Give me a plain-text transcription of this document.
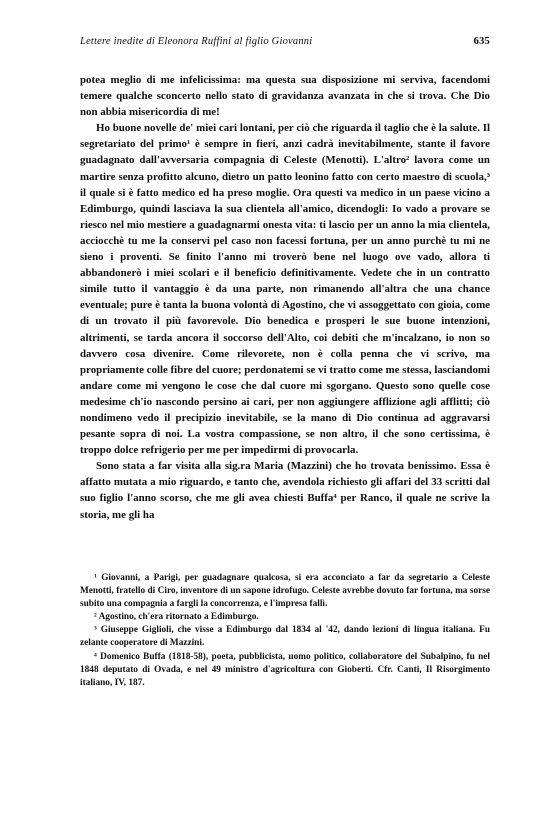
Lettere inedite di Eleonora Ruffini al figlio Giovanni	635

potea meglio di me infelicissima: ma questa sua disposizione mi serviva, facendomi temere qualche sconcerto nello stato di gravidanza avanzata in che si trova. Che Dio non abbia misericordia di me!

Ho buone novelle de' miei cari lontani, per ciò che riguarda il taglio che è la salute. Il segretariato del primo¹ è sempre in fieri, anzi cadrà inevitabilmente, stante il favore guadagnato dall'avversaria compagnia di Celeste (Menotti). L'altro² lavora come un martire senza profitto alcuno, dietro un patto leonino fatto con certo maestro di scuola,³ il quale si è fatto medico ed ha preso moglie. Ora questi va medico in un paese vicino a Edimburgo, quindi lasciava la sua clientela all'amico, dicendogli: Io vado a provare se riesco nel mio mestiere a guadagnarmi onesta vita: ti lascio per un anno la mia clientela, acciocchè tu me la conservi pel caso non facessi fortuna, per un anno purchè tu mi ne sieno i proventi. Se finito l'anno mi troverò bene nel luogo ove vado, allora ti abbandonerò i miei scolari e il beneficio definitivamente. Vedete che in un contratto simile tutto il vantaggio è da una parte, non rimanendo all'altra che una chance eventuale; pure è tanta la buona volontà di Agostino, che vi assoggettato con gioia, come di un trovato il più favorevole. Dio benedica e prosperi le sue buone intenzioni, altrimenti, se tarda ancora il soccorso dell'Alto, coi debiti che m'incalzano, io non so davvero cosa divenire. Come rilevorete, non è colla penna che vi scrivo, ma propriamente colle fibre del cuore; perdonatemi se vi tratto come me stessa, lasciandomi andare come mi vengono le cose che dal cuore mi sgorgano. Questo sono quelle cose medesime ch'io nascondo persino ai cari, per non aggiungere afflizione agli afflitti; ciò nondimeno vedo il precipizio inevitabile, se la mano di Dio continua ad aggravarsi pesante sopra di noi. La vostra compassione, se non altro, il che sono certissima, è troppo dolce refrigerio per me per impedirmi di provocarla.

Sono stata a far visita alla sig.ra Maria (Mazzini) che ho trovata benissimo. Essa è affatto mutata a mio riguardo, e tanto che, avendola richiesto gli affari del 33 scritti dal suo figlio l'anno scorso, che me gli avea chiesti Buffa⁴ per Ranco, il quale ne scrive la storia, me gli ha

¹ Giovanni, a Parigi, per guadagnare qualcosa, si era acconciato a far da segretario a Celeste Menotti, fratello di Ciro, inventore di un sapone idrofugo. Celeste avrebbe dovuto far fortuna, ma sorse subito una compagnia a fargli la concorrenza, e l'impresa fallì.

² Agostino, ch'era ritornato a Edimburgo.

³ Giuseppe Giglioli, che visse a Edimburgo dal 1834 al '42, dando lezioni di lingua italiana. Fu zelante cooperatore di Mazzini.

⁴ Domenico Buffa (1818-58), poeta, pubblicista, uomo politico, collaboratore del Subalpino, fu nel 1848 deputato di Ovada, e nel 49 ministro d'agricoltura con Gioberti. Cfr. Canti, Il Risorgimento italiano, IV, 187.
